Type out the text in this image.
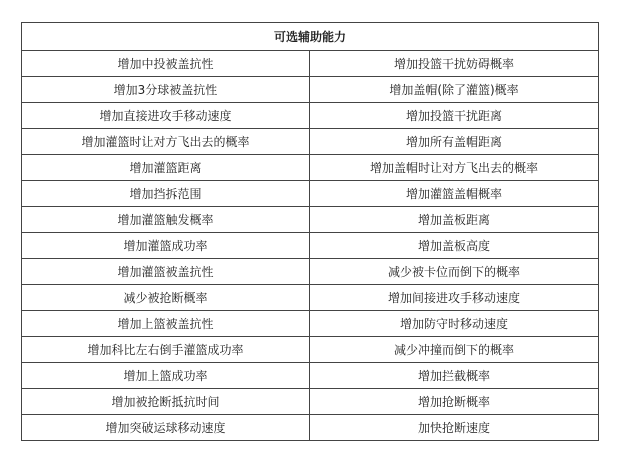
可选辅助能力	
增加中投被盖抗性	增加投篮干扰妨碍概率
增加3分球被盖抗性	增加盖帽(除了灌篮)概率
增加直接进攻手移动速度	增加投篮干扰距离
增加灌篮时让对方飞出去的概率	增加所有盖帽距离
增加灌篮距离	增加盖帽时让对方飞出去的概率
增加挡拆范围	增加灌篮盖帽概率
增加灌篮触发概率	增加盖板距离
增加灌篮成功率	增加盖板高度
增加灌篮被盖抗性	减少被卡位而倒下的概率
减少被抢断概率	增加间接进攻手移动速度
增加上篮被盖抗性	增加防守时移动速度
增加科比左右倒手灌篮成功率	减少冲撞而倒下的概率
增加上篮成功率	增加拦截概率
增加被抢断抵抗时间	增加抢断概率
增加突破运球移动速度	加快抢断速度
